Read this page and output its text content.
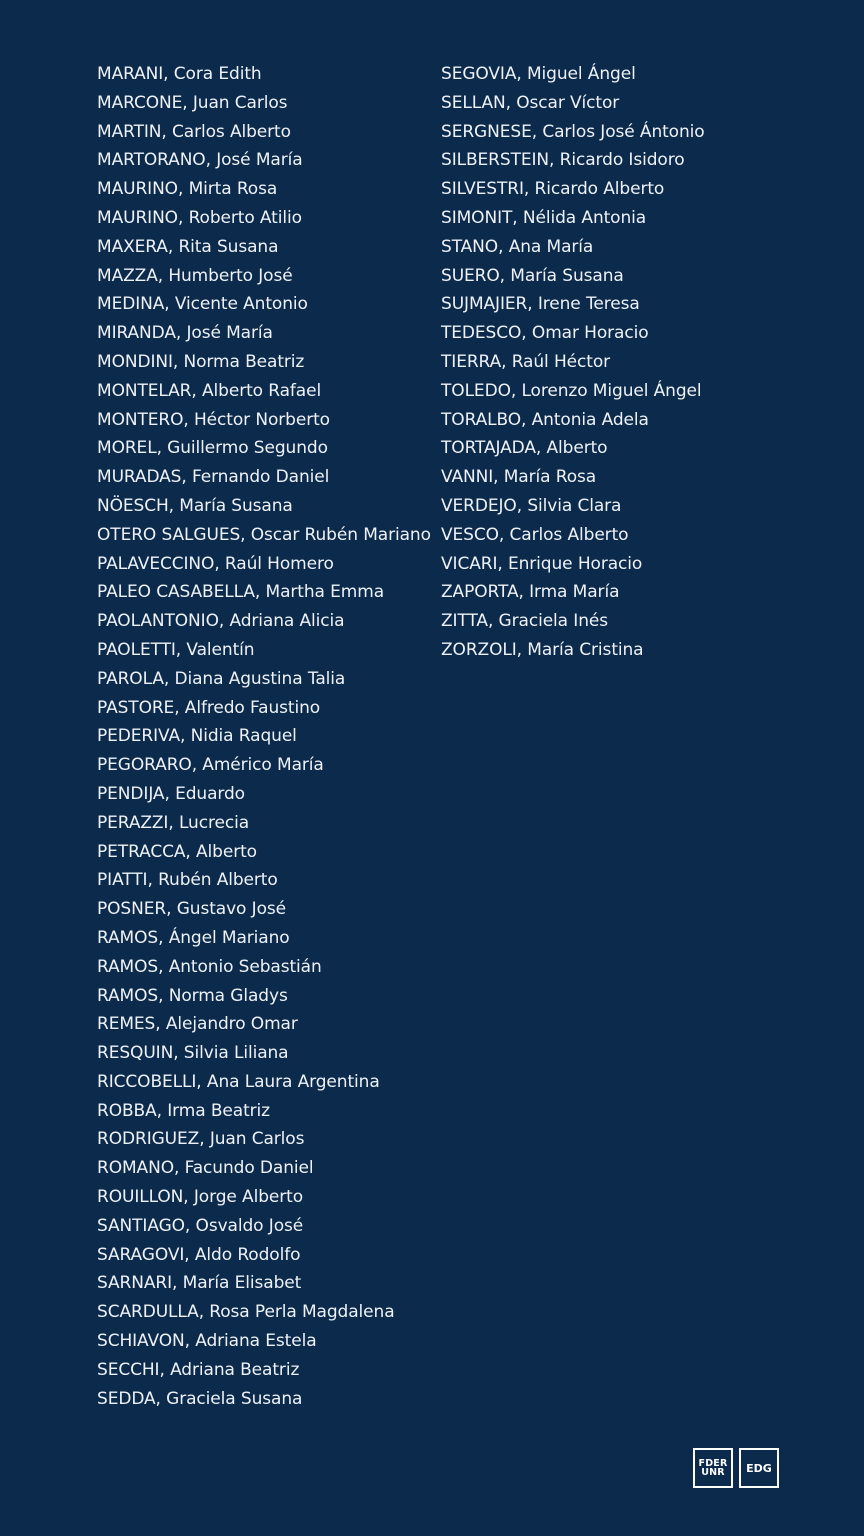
MARANI, Cora Edith
MARCONE, Juan Carlos
MARTIN, Carlos Alberto
MARTORANO, José María
MAURINO, Mirta Rosa
MAURINO, Roberto Atilio
MAXERA, Rita Susana
MAZZA, Humberto José
MEDINA, Vicente Antonio
MIRANDA, José María
MONDINI, Norma Beatriz
MONTELAR, Alberto Rafael
MONTERO, Héctor Norberto
MOREL, Guillermo Segundo
MURADAS, Fernando Daniel
NÖESCH, María Susana
OTERO SALGUES, Oscar Rubén Mariano
PALAVECCINO, Raúl Homero
PALEO CASABELLA, Martha Emma
PAOLANTONIO, Adriana Alicia
PAOLETTI, Valentín
PAROLA, Diana Agustina Talia
PASTORE, Alfredo Faustino
PEDERIVA, Nidia Raquel
PEGORARO, Américo María
PENDIJA, Eduardo
PERAZZI, Lucrecia
PETRACCA, Alberto
PIATTI, Rubén Alberto
POSNER, Gustavo José
RAMOS, Ángel Mariano
RAMOS, Antonio Sebastián
RAMOS, Norma Gladys
REMES, Alejandro Omar
RESQUIN, Silvia Liliana
RICCOBELLI, Ana Laura Argentina
ROBBA, Irma Beatriz
RODRIGUEZ, Juan Carlos
ROMANO, Facundo Daniel
ROUILLON, Jorge Alberto
SANTIAGO, Osvaldo José
SARAGOVI, Aldo Rodolfo
SARNARI, María Elisabet
SCARDULLA, Rosa Perla Magdalena
SCHIAVON, Adriana Estela
SECCHI, Adriana Beatriz
SEDDA, Graciela Susana
SEGOVIA, Miguel Ángel
SELLAN, Oscar Víctor
SERGNESE, Carlos José Ántonio
SILBERSTEIN, Ricardo Isidoro
SILVESTRI, Ricardo Alberto
SIMONIT, Nélida Antonia
STANO, Ana María
SUERO, María Susana
SUJMAJIER, Irene Teresa
TEDESCO, Omar Horacio
TIERRA, Raúl Héctor
TOLEDO, Lorenzo Miguel Ángel
TORALBO, Antonia Adela
TORTAJADA, Alberto
VANNI, María Rosa
VERDEJO, Silvia Clara
VESCO, Carlos Alberto
VICARI, Enrique Horacio
ZAPORTA, Irma María
ZITTA, Graciela Inés
ZORZOLI, María Cristina
FDER
UNR EDG
